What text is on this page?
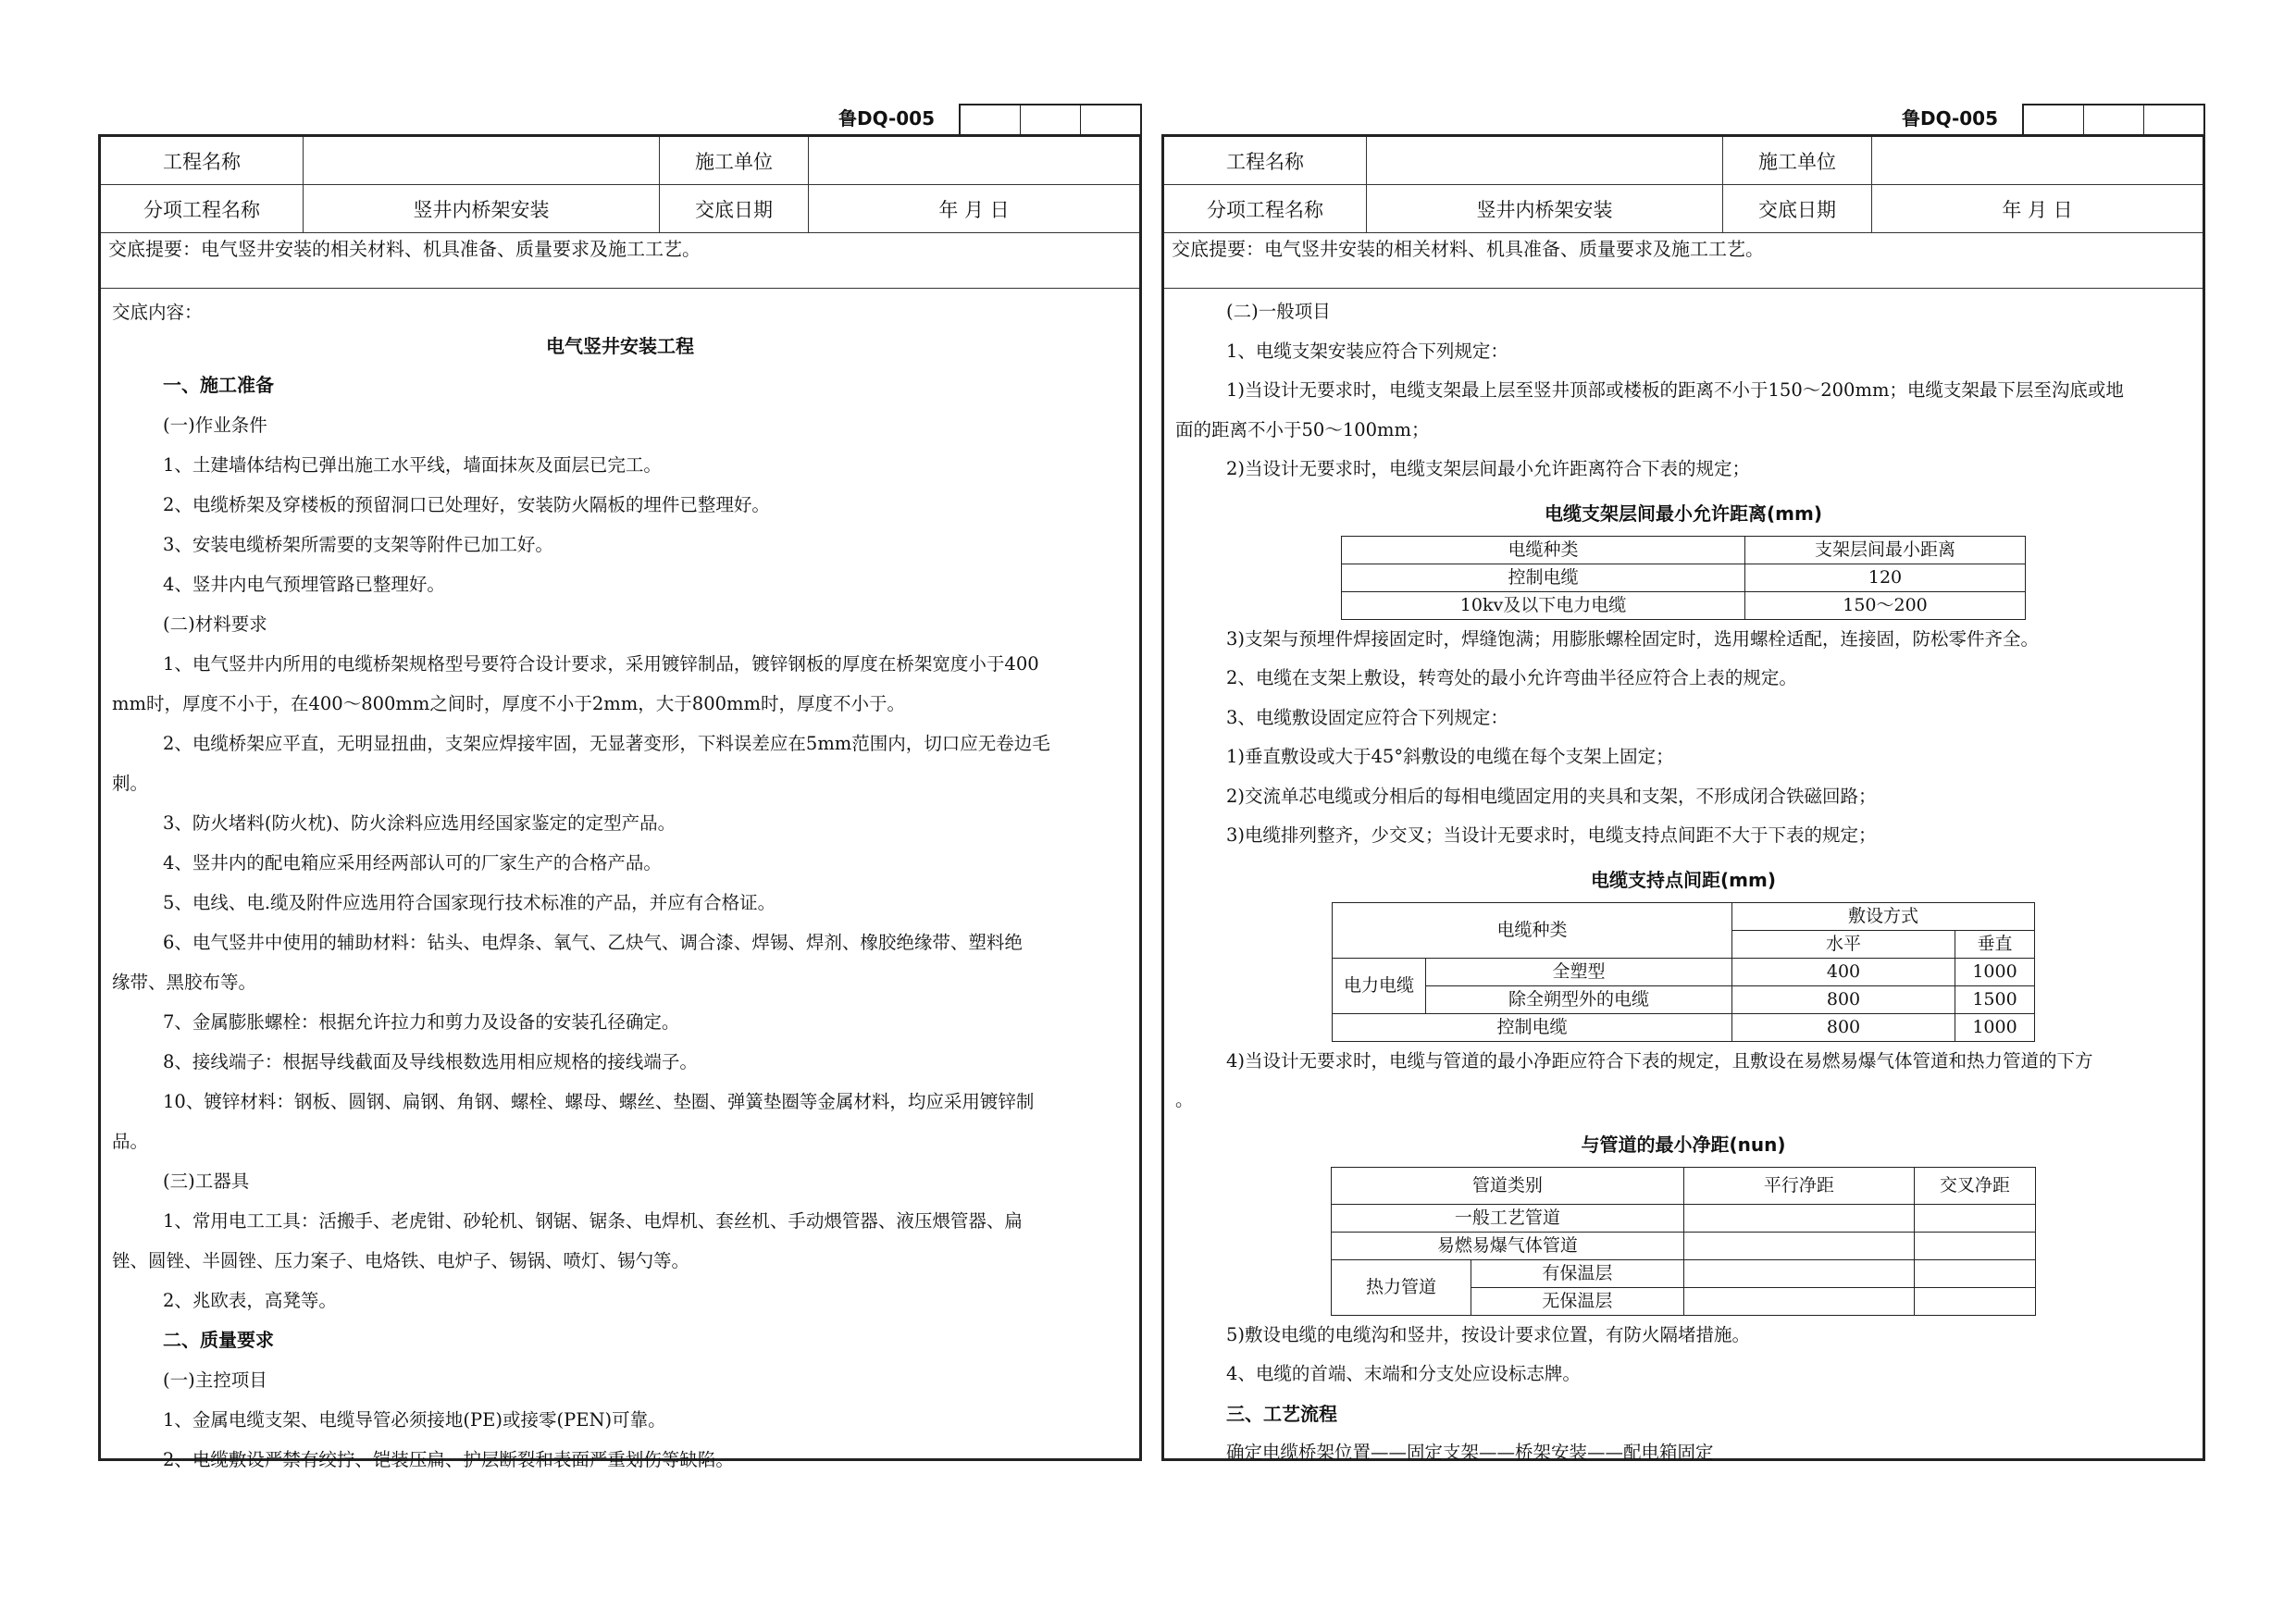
鲁DQ-005
工程名称		施工单位	
分项工程名称	竖井内桥架安装	交底日期	年 月 日
交底提要：电气竖井安装的相关材料、机具准备、质量要求及施工工艺。

交底内容：

电气竖井安装工程

一、施工准备

(一)作业条件

1、土建墙体结构已弹出施工水平线，墙面抹灰及面层已完工。

2、电缆桥架及穿楼板的预留洞口已处理好，安装防火隔板的埋件已整理好。

3、安装电缆桥架所需要的支架等附件已加工好。

4、竖井内电气预埋管路已整理好。

(二)材料要求

1、电气竖井内所用的电缆桥架规格型号要符合设计要求，采用镀锌制品，镀锌钢板的厚度在桥架宽度小于400

mm时，厚度不小于，在400～800mm之间时，厚度不小于2mm，大于800mm时，厚度不小于。

2、电缆桥架应平直，无明显扭曲，支架应焊接牢固，无显著变形，下料误差应在5mm范围内，切口应无卷边毛

刺。

3、防火堵料(防火枕)、防火涂料应选用经国家鉴定的定型产品。

4、竖井内的配电箱应采用经两部认可的厂家生产的合格产品。

5、电线、电.缆及附件应选用符合国家现行技术标准的产品，并应有合格证。

6、电气竖井中使用的辅助材料：钻头、电焊条、氧气、乙炔气、调合漆、焊锡、焊剂、橡胶绝缘带、塑料绝

缘带、黑胶布等。

7、金属膨胀螺栓：根据允许拉力和剪力及设备的安装孔径确定。

8、接线端子：根据导线截面及导线根数选用相应规格的接线端子。

10、镀锌材料：钢板、圆钢、扁钢、角钢、螺栓、螺母、螺丝、垫圈、弹簧垫圈等金属材料，均应采用镀锌制

品。

(三)工器具

1、常用电工工具：活搬手、老虎钳、砂轮机、钢锯、锯条、电焊机、套丝机、手动煨管器、液压煨管器、扁

锉、圆锉、半圆锉、压力案子、电烙铁、电炉子、锡锅、喷灯、锡勺等。

2、兆欧表，高凳等。

二、质量要求

(一)主控项目

1、金属电缆支架、电缆导管必须接地(PE)或接零(PEN)可靠。

2、电缆敷设严禁有绞拧、铠装压扁、护层断裂和表面严重划伤等缺陷。

鲁DQ-005
工程名称		施工单位	
分项工程名称	竖井内桥架安装	交底日期	年 月 日
交底提要：电气竖井安装的相关材料、机具准备、质量要求及施工工艺。

(二)一般项目

1、电缆支架安装应符合下列规定：

1)当设计无要求时，电缆支架最上层至竖井顶部或楼板的距离不小于150～200mm；电缆支架最下层至沟底或地

面的距离不小于50～100mm；

2)当设计无要求时，电缆支架层间最小允许距离符合下表的规定；

电缆支架层间最小允许距离(mm)
电缆种类	支架层间最小距离
控制电缆	120
10kv及以下电力电缆	150～200

3)支架与预埋件焊接固定时，焊缝饱满；用膨胀螺栓固定时，选用螺栓适配，连接固，防松零件齐全。

2、电缆在支架上敷设，转弯处的最小允许弯曲半径应符合上表的规定。

3、电缆敷设固定应符合下列规定：

1)垂直敷设或大于45°斜敷设的电缆在每个支架上固定；

2)交流单芯电缆或分相后的每相电缆固定用的夹具和支架，不形成闭合铁磁回路；

3)电缆排列整齐，少交叉；当设计无要求时，电缆支持点间距不大于下表的规定；

电缆支持点间距(mm)
电缆种类		敷设方式	
		水平	垂直
电力电缆	全塑型	400	1000
	除全朔型外的电缆	800	1500
控制电缆		800	1000

4)当设计无要求时，电缆与管道的最小净距应符合下表的规定，且敷设在易燃易爆气体管道和热力管道的下方

。

与管道的最小净距(nun)
管道类别		平行净距	交叉净距
一般工艺管道			
易燃易爆气体管道			
热力管道	有保温层		
	无保温层		

5)敷设电缆的电缆沟和竖井，按设计要求位置，有防火隔堵措施。

4、电缆的首端、末端和分支处应设标志牌。

三、工艺流程

确定电缆桥架位置——固定支架——桥架安装——配电箱固定
